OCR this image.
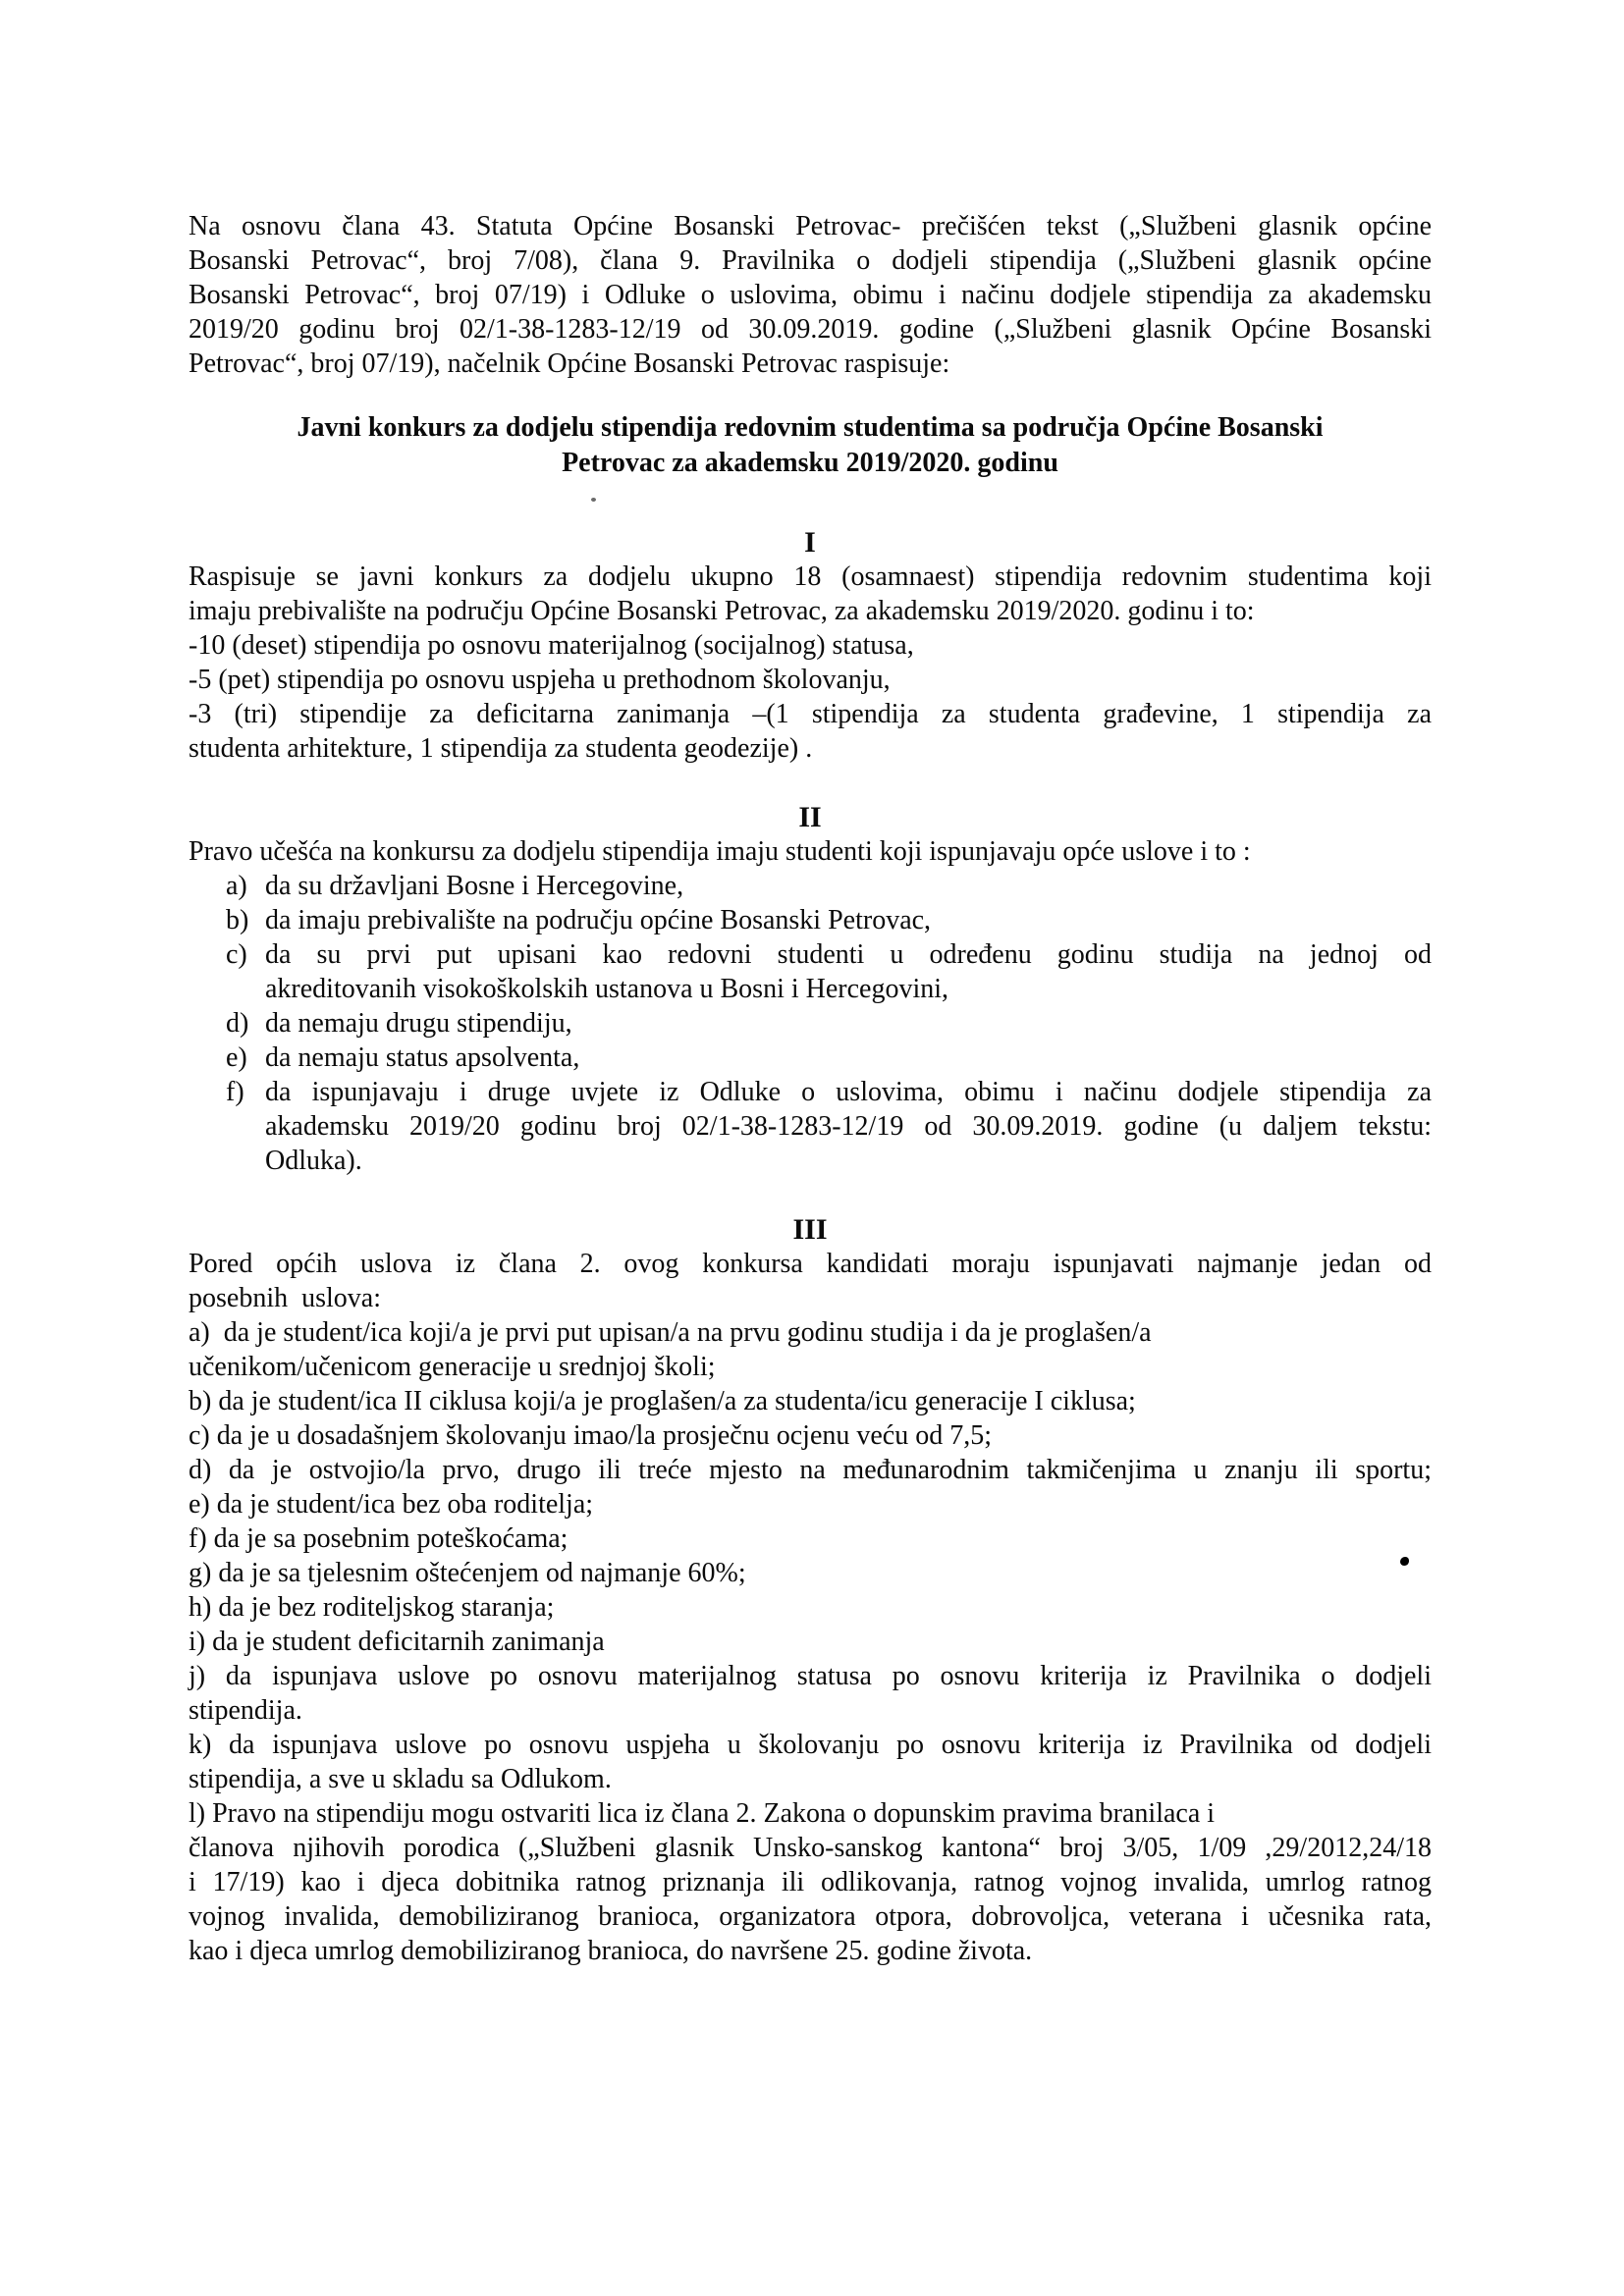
Na osnovu člana 43. Statuta Općine Bosanski Petrovac- prečišćen tekst („Službeni glasnik općine
Bosanski Petrovac“, broj 7/08), člana 9. Pravilnika o dodjeli stipendija („Službeni glasnik općine
Bosanski Petrovac“, broj 07/19) i Odluke o uslovima, obimu i načinu dodjele stipendija za akademsku
2019/20 godinu broj 02/1-38-1283-12/19 od 30.09.2019. godine („Službeni glasnik Općine Bosanski
Petrovac“, broj 07/19), načelnik Općine Bosanski Petrovac raspisuje:
Javni konkurs za dodjelu stipendija redovnim studentima sa područja Općine Bosanski
Petrovac za akademsku 2019/2020. godinu
I
Raspisuje se javni konkurs za dodjelu ukupno 18 (osamnaest) stipendija redovnim studentima koji
imaju prebivalište na području Općine Bosanski Petrovac, za akademsku 2019/2020. godinu i to:
-10 (deset) stipendija po osnovu materijalnog (socijalnog) statusa,
-5 (pet) stipendija po osnovu uspjeha u prethodnom školovanju,
-3 (tri) stipendije za deficitarna zanimanja –(1 stipendija za studenta građevine, 1 stipendija za
studenta arhitekture, 1 stipendija za studenta geodezije) .
II
Pravo učešća na konkursu za dodjelu stipendija imaju studenti koji ispunjavaju opće uslove i to :
a) da su državljani Bosne i Hercegovine,
b) da imaju prebivalište na području općine Bosanski Petrovac,
c) da su prvi put upisani kao redovni studenti u određenu godinu studija na jednoj od
akreditovanih visokoškolskih ustanova u Bosni i Hercegovini,
d) da nemaju drugu stipendiju,
e) da nemaju status apsolventa,
f) da ispunjavaju i druge uvjete iz Odluke o uslovima, obimu i načinu dodjele stipendija za
akademsku 2019/20 godinu broj 02/1-38-1283-12/19 od 30.09.2019. godine (u daljem tekstu:
Odluka).
III
Pored općih uslova iz člana 2. ovog konkursa kandidati moraju ispunjavati najmanje jedan od
posebnih  uslova:
a)  da je student/ica koji/a je prvi put upisan/a na prvu godinu studija i da je proglašen/a
učenikom/učenicom generacije u srednjoj školi;
b) da je student/ica II ciklusa koji/a je proglašen/a za studenta/icu generacije I ciklusa;
c) da je u dosadašnjem školovanju imao/la prosječnu ocjenu veću od 7,5;
d) da je ostvojio/la prvo, drugo ili treće mjesto na međunarodnim takmičenjima u znanju ili sportu;
e) da je student/ica bez oba roditelja;
f) da je sa posebnim poteškoćama;
g) da je sa tjelesnim oštećenjem od najmanje 60%;
h) da je bez roditeljskog staranja;
i) da je student deficitarnih zanimanja
j) da ispunjava uslove po osnovu materijalnog statusa po osnovu kriterija iz Pravilnika o dodjeli
stipendija.
k) da ispunjava uslove po osnovu uspjeha u školovanju po osnovu kriterija iz Pravilnika od dodjeli
stipendija, a sve u skladu sa Odlukom.
l) Pravo na stipendiju mogu ostvariti lica iz člana 2. Zakona o dopunskim pravima branilaca i
članova njihovih porodica („Službeni glasnik Unsko-sanskog kantona“ broj 3/05, 1/09 ,29/2012,24/18
i 17/19) kao i djeca dobitnika ratnog priznanja ili odlikovanja, ratnog vojnog invalida, umrlog ratnog
vojnog invalida, demobiliziranog branioca, organizatora otpora, dobrovoljca, veterana i učesnika rata,
kao i djeca umrlog demobiliziranog branioca, do navršene 25. godine života.
